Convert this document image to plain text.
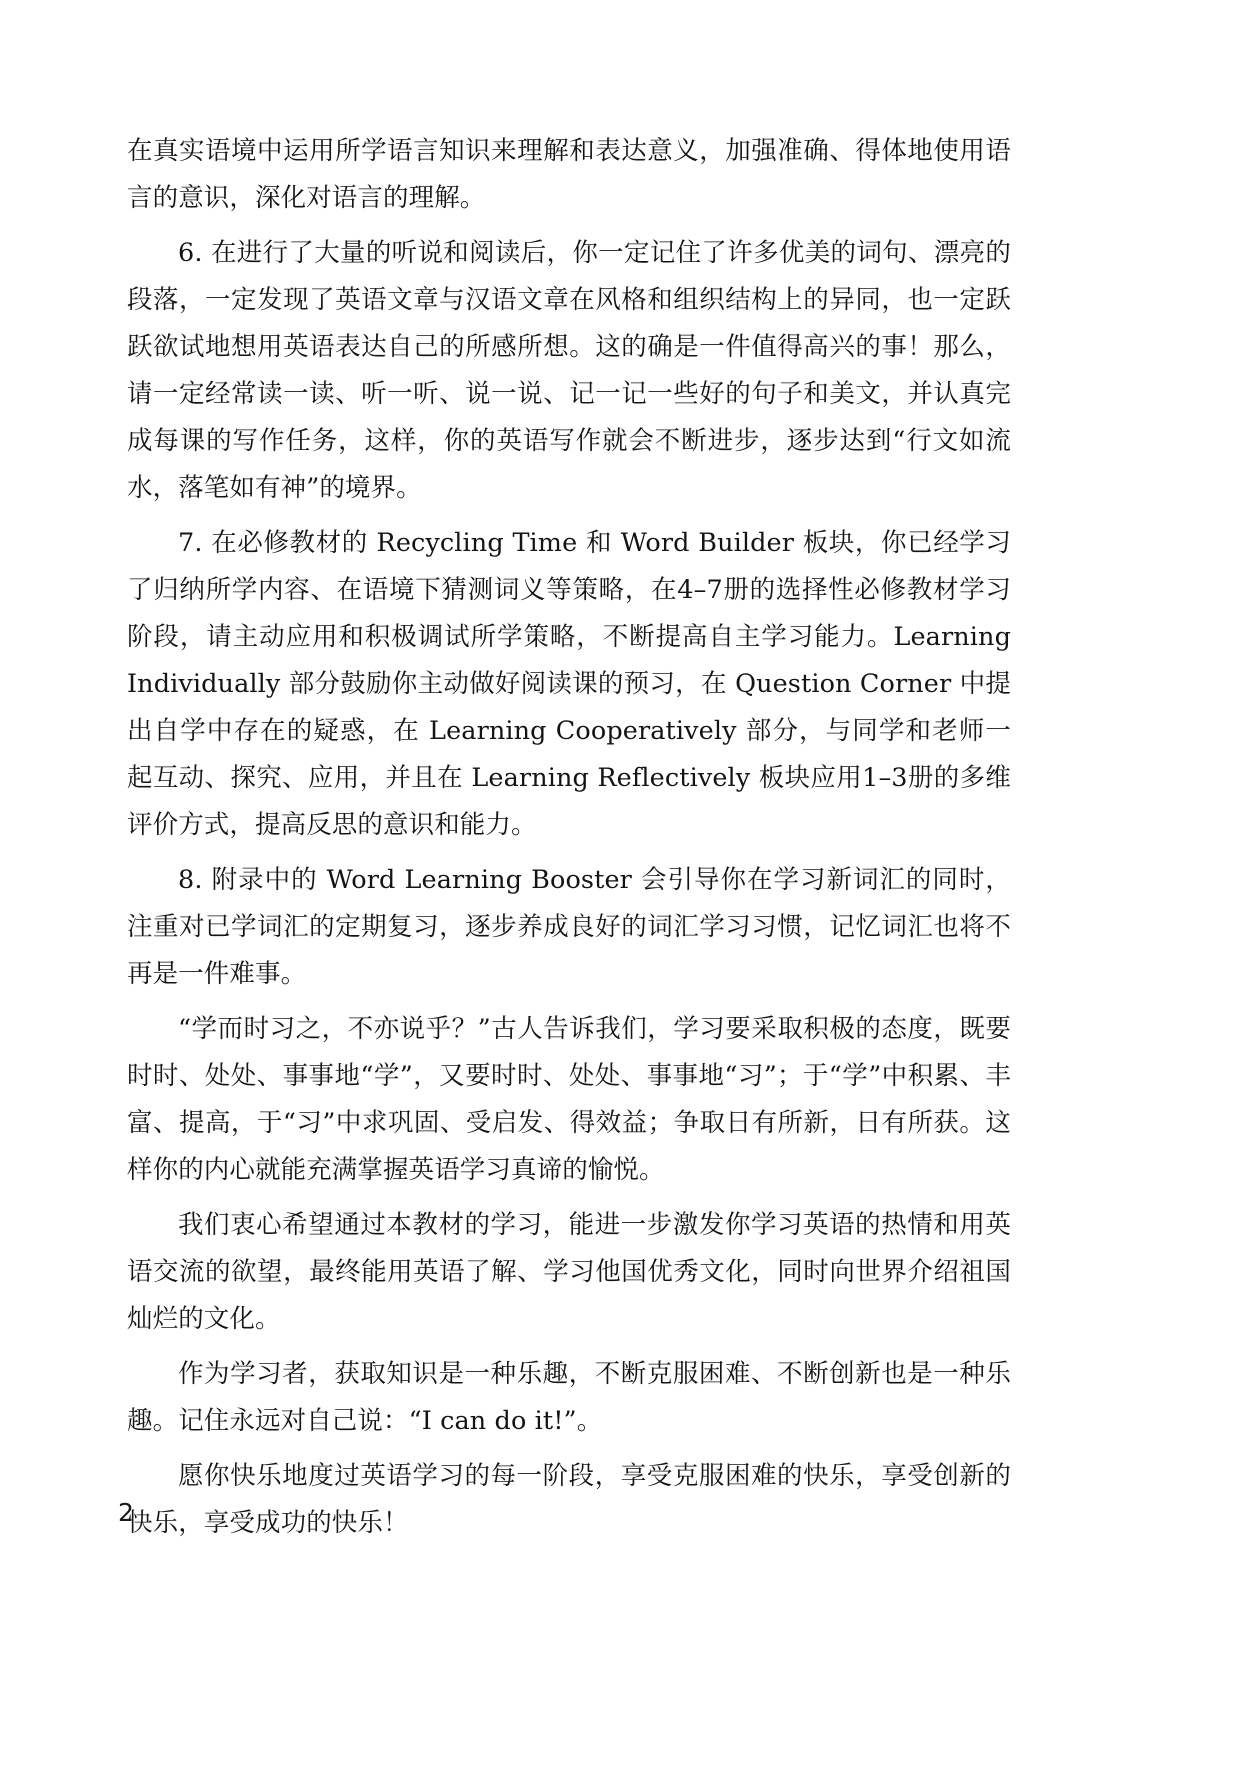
在真实语境中运用所学语言知识来理解和表达意义，加强准确、得体地使用语言的意识，深化对语言的理解。

6. 在进行了大量的听说和阅读后，你一定记住了许多优美的词句、漂亮的段落，一定发现了英语文章与汉语文章在风格和组织结构上的异同，也一定跃跃欲试地想用英语表达自己的所感所想。这的确是一件值得高兴的事！那么，请一定经常读一读、听一听、说一说、记一记一些好的句子和美文，并认真完成每课的写作任务，这样，你的英语写作就会不断进步，逐步达到“行文如流水，落笔如有神”的境界。

7. 在必修教材的 Recycling Time 和 Word Builder 板块，你已经学习了归纳所学内容、在语境下猜测词义等策略，在4–7册的选择性必修教材学习阶段，请主动应用和积极调试所学策略，不断提高自主学习能力。Learning Individually 部分鼓励你主动做好阅读课的预习，在 Question Corner 中提出自学中存在的疑惑，在 Learning Cooperatively 部分，与同学和老师一起互动、探究、应用，并且在 Learning Reflectively 板块应用1–3册的多维评价方式，提高反思的意识和能力。

8. 附录中的 Word Learning Booster 会引导你在学习新词汇的同时，注重对已学词汇的定期复习，逐步养成良好的词汇学习习惯，记忆词汇也将不再是一件难事。

“学而时习之，不亦说乎？”古人告诉我们，学习要采取积极的态度，既要时时、处处、事事地“学”，又要时时、处处、事事地“习”；于“学”中积累、丰富、提高，于“习”中求巩固、受启发、得效益；争取日有所新，日有所获。这样你的内心就能充满掌握英语学习真谛的愉悦。

我们衷心希望通过本教材的学习，能进一步激发你学习英语的热情和用英语交流的欲望，最终能用英语了解、学习他国优秀文化，同时向世界介绍祖国灿烂的文化。

作为学习者，获取知识是一种乐趣，不断克服困难、不断创新也是一种乐趣。记住永远对自己说：“I can do it!”。

愿你快乐地度过英语学习的每一阶段，享受克服困难的快乐，享受创新的快乐，享受成功的快乐！

2
